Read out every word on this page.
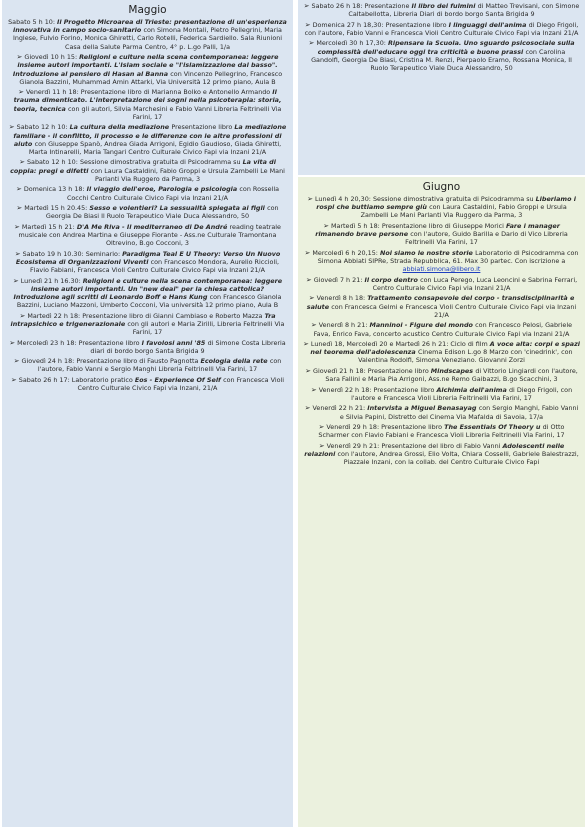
Maggio
Sabato 5 h 10: Il Progetto Microarea di Trieste: presentazione di un'esperienza innovativa in campo socio-sanitario con Simona Montali, Pietro Pellegrini, Maria Inglese, Fulvio Forino, Monica Ghiretti, Carlo Rotelli, Federica Sardiello. Sala Riunioni Casa della Salute Parma Centro, 4° p. L.go Palli, 1/a
➢ Giovedì 10 h 15: Religioni e culture nella scena contemporanea: leggere insieme autori importanti. L'Islam sociale e "l'islamizzazione dal basso". Introduzione al pensiero di Hasan al Banna con Vincenzo Pellegrino, Francesco Gianola Bazzini, Muhammad Amin Attarki, Via Università 12 primo piano, Aula B
➢ Venerdì 11 h 18: Presentazione libro di Marianna Bolko e Antonello Armando Il trauma dimenticato. L'interpretazione dei sogni nella psicoterapia: storia, teoria, tecnica con gli autori, Silvia Marchesini e Fabio Vanni Libreria Feltrinelli Via Farini, 17
➢ Sabato 12 h 10: La cultura della mediazione Presentazione libro La mediazione familiare - il conflitto, il processo e le differenze con le altre professioni di aiuto con Giuseppe Spanò, Andrea Giada Arrigoni, Egidio Gaudioso, Giada Ghiretti, Marta Intinarelli, Maria Tangari Centro Culturale Civico Fapi via Inzani 21/A
➢ Sabato 12 h 10: Sessione dimostrativa gratuita di Psicodramma su La vita di coppia: pregi e difetti con Laura Castaldini, Fabio Groppi e Ursula Zambelli Le Mani Parlanti Via Ruggero da Parma, 3
➢ Domenica 13 h 18: Il viaggio dell'eroe, Parologia e psicologia con Rossella Cocchi Centro Culturale Civico Fapi via Inzani 21/A
➢ Martedì 15 h 20.45: Sesso e volentieri? La sessualità spiegata ai figli con Georgia De Biasi Il Ruolo Terapeutico Viale Duca Alessandro, 50
➢ Martedì 15 h 21: D'A Me Riva - Il mediterraneo di De André reading teatrale musicale con Andrea Martina e Giuseppe Fiorante - Ass.ne Culturale Tramontana Oltrevino, B.go Cocconi, 3
➢ Sabato 19 h 10.30: Seminario: Paradigma Teal E U Theory: Verso Un Nuovo Ecosistema di Organizzazioni Viventi con Francesco Mondora, Aurelio Riccioli, Flavio Fabiani, Francesca Violi Centro Culturale Civico Fapi via Inzani 21/A
➢ Lunedì 21 h 16.30: Religioni e culture nella scena contemporanea: leggere insieme autori importanti. Un "new deal" per la chiesa cattolica? Introduzione agli scritti di Leonardo Boff e Hans Kung con Francesco Gianola Bazzini, Luciano Mazzoni, Umberto Cocconi, Via università 12 primo piano, Aula B
➢ Martedì 22 h 18: Presentazione libro di Gianni Cambiaso e Roberto Mazza Tra intrapsichico e trigenerazionale con gli autori e Maria Zirilli, Libreria Feltrinelli Via Farini, 17
➢ Mercoledì 23 h 18: Presentazione libro I favolosi anni '85 di Simone Costa Libreria diari di bordo borgo Santa Brigida 9
➢ Giovedì 24 h 18: Presentazione libro di Fausto Pagnotta Ecologia della rete con l'autore, Fabio Vanni e Sergio Manghi Libreria Feltrinelli Via Farini, 17
➢ Sabato 26 h 17: Laboratorio pratico Eos - Experience Of Self con Francesca Violi Centro Culturale Civico Fapi via Inzani, 21/A
➢ Sabato 26 h 18: Presentazione Il libro dei fulmini di Matteo Trevisani, con Simone Caltabellotta, Libreria Diari di bordo borgo Santa Brigida 9
➢ Domenica 27 h 18,30: Presentazione libro I linguaggi dell'anima di Diego Frigoli, con l'autore, Fabio Vanni e Francesca Violi Centro Culturale Civico Fapi via Inzani 21/A
➢ Mercoledì 30 h 17,30: Ripensare la Scuola. Uno sguardo psicosociale sulla complessità dell'educare oggi tra criticità e buone prassi con Carolina Gandolfi, Georgia De Biasi, Cristina M. Renzi, Pierpaolo Eramo, Rossana Monica, Il Ruolo Terapeutico Viale Duca Alessandro, 50
Giugno
➢ Lunedì 4 h 20,30: Sessione dimostrativa gratuita di Psicodramma su Liberiamo i rospi che buttiamo sempre giù con Laura Castaldini, Fabio Groppi e Ursula Zambelli Le Mani Parlanti Via Ruggero da Parma, 3
➢ Martedì 5 h 18: Presentazione libro di Giuseppe Morici Fare i manager rimanendo brave persone con l'autore, Guido Barilla e Dario di Vico Libreria Feltrinelli Via Farini, 17
➢ Mercoledì 6 h 20,15: Noi siamo le nostre storie Laboratorio di Psicodramma con Simona Abbiati SIPRe, Strada Repubblica, 61. Max 30 partec. Con iscrizione a abbiati.simona@libero.it
➢ Giovedì 7 h 21: Il corpo dentro con Luca Perego, Luca Leoncini e Sabrina Ferrari, Centro Culturale Civico Fapi via Inzani 21/A
➢ Venerdì 8 h 18: Trattamento consapevole del corpo - transdisciplinarità e salute con Francesca Gelmi e Francesca Violi Centro Culturale Civico Fapi via Inzani 21/A
➢ Venerdì 8 h 21: Manninoi - Figure del mondo con Francesco Pelosi, Gabriele Fava, Enrico Fava, concerto acustico Centro Culturale Civico Fapi via Inzani 21/A
➢ Lunedì 18, Mercoledì 20 e Martedì 26 h 21: Ciclo di film A voce alta: corpi e spazi nel teorema dell'adolescenza Cinema Edison L.go 8 Marzo con 'cinedrink', con Valentina Rodolfi, Simona Veneziano. Giovanni Zorzi
➢ Giovedì 21 h 18: Presentazione libro Mindscapes di Vittorio Lingiardi con l'autore, Sara Fallini e Maria Pia Arrigoni, Ass.ne Remo Gaibazzi, B.go Scacchini, 3
➢ Venerdì 22 h 18: Presentazione libro Alchimia dell'anima di Diego Frigoli, con l'autore e Francesca Violi Libreria Feltrinelli Via Farini, 17
➢ Venerdì 22 h 21: Intervista a Miguel Benasayag con Sergio Manghi, Fabio Vanni e Silvia Papini, Distretto del Cinema Via Mafalda di Savoia, 17/a
➢ Venerdì 29 h 18: Presentazione libro The Essentials Of Theory u di Otto Scharmer con Flavio Fabiani e Francesca Violi Libreria Feltrinelli Via Farini, 17
➢ Venerdì 29 h 21: Presentazione del libro di Fabio Vanni Adolescenti nelle relazioni con l'autore, Andrea Grossi, Elio Volta, Chiara Cosselli, Gabriele Balestrazzi, Piazzale Inzani, con la collab. del Centro Culturale Civico Fapi
